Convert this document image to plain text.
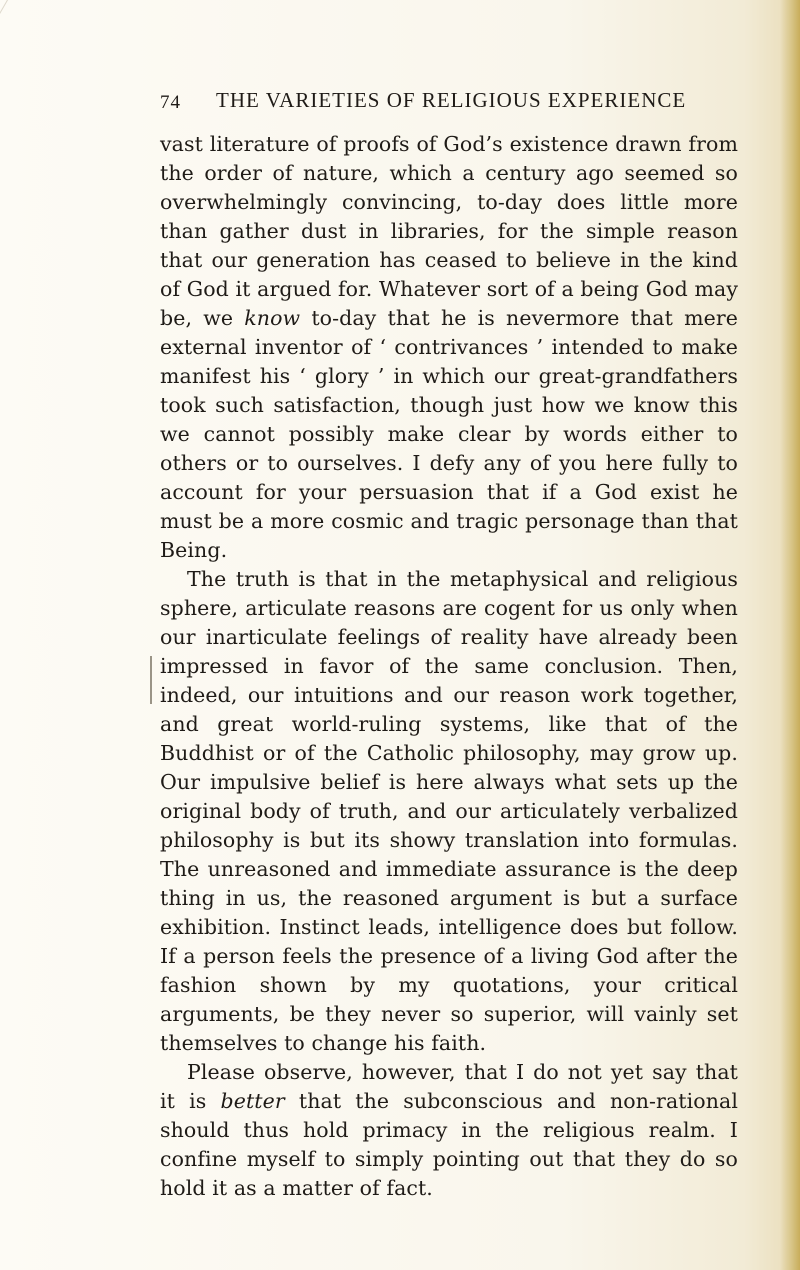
74 THE VARIETIES OF RELIGIOUS EXPERIENCE

vast literature of proofs of God’s existence drawn from the order of nature, which a century ago seemed so overwhelmingly convincing, to-day does little more than gather dust in libraries, for the simple reason that our generation has ceased to believe in the kind of God it argued for. Whatever sort of a being God may be, we know to-day that he is nevermore that mere external inventor of ‘ contrivances ’ intended to make manifest his ‘ glory ’ in which our great-grandfathers took such satisfaction, though just how we know this we cannot possibly make clear by words either to others or to ourselves. I defy any of you here fully to account for your persuasion that if a God exist he must be a more cosmic and tragic personage than that Being.

The truth is that in the metaphysical and religious sphere, articulate reasons are cogent for us only when our inarticulate feelings of reality have already been impressed in favor of the same conclusion. Then, indeed, our intuitions and our reason work together, and great world-ruling systems, like that of the Buddhist or of the Catholic philosophy, may grow up. Our impulsive belief is here always what sets up the original body of truth, and our articulately verbalized philosophy is but its showy translation into formulas. The unreasoned and immediate assurance is the deep thing in us, the reasoned argument is but a surface exhibition. Instinct leads, intelligence does but follow. If a person feels the presence of a living God after the fashion shown by my quotations, your critical arguments, be they never so superior, will vainly set themselves to change his faith.

Please observe, however, that I do not yet say that it is better that the subconscious and non-rational should thus hold primacy in the religious realm. I confine myself to simply pointing out that they do so hold it as a matter of fact.
